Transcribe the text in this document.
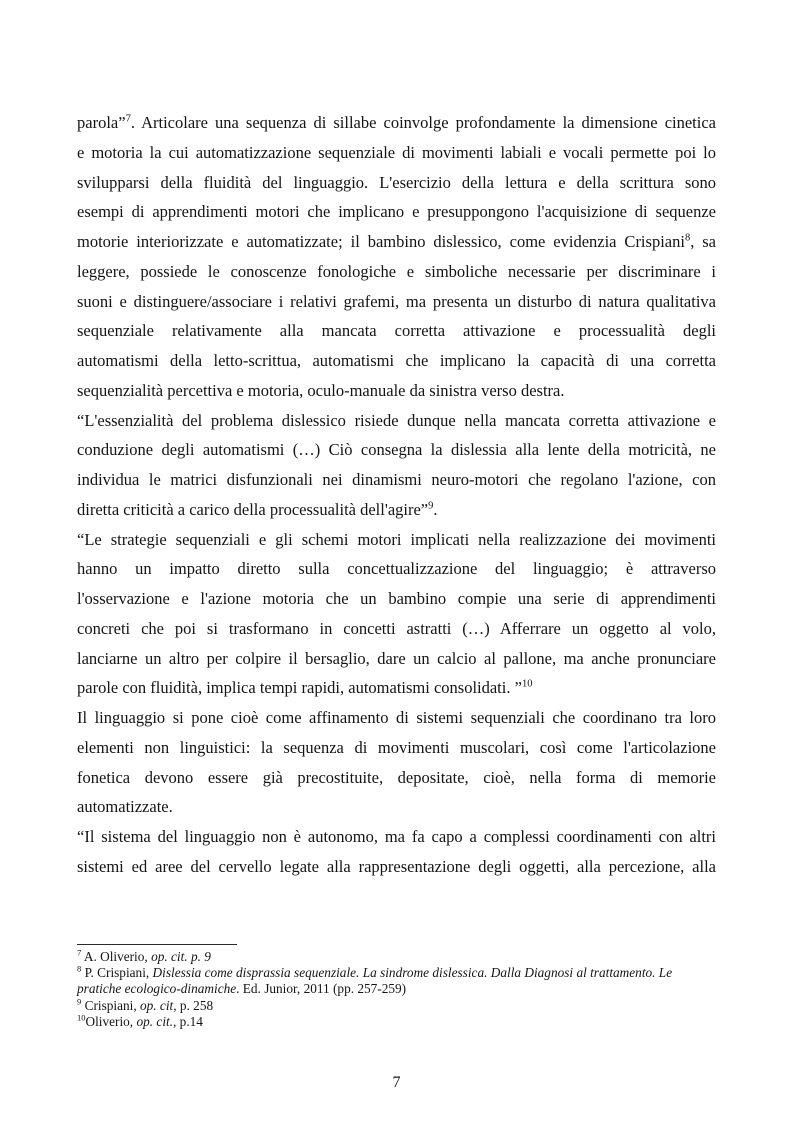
parola”$^7$. Articolare una sequenza di sillabe coinvolge profondamente la dimensione cinetica
e motoria la cui automatizzazione sequenziale di movimenti labiali e vocali permette poi lo
svilupparsi della fluidità del linguaggio. L'esercizio della lettura e della scrittura sono
esempi di apprendimenti motori che implicano e presuppongono l'acquisizione di sequenze
motorie interiorizzate e automatizzate; il bambino dislessico, come evidenzia Crispiani$^8$, sa
leggere, possiede le conoscenze fonologiche e simboliche necessarie per discriminare i
suoni e distinguere/associare i relativi grafemi, ma presenta un disturbo di natura qualitativa
sequenziale relativamente alla mancata corretta attivazione e processualità degli
automatismi della letto-scrittua, automatismi che implicano la capacità di una corretta
sequenzialità percettiva e motoria, oculo-manuale da sinistra verso destra.
“L'essenzialità del problema dislessico risiede dunque nella mancata corretta attivazione e
conduzione degli automatismi (…) Ciò consegna la dislessia alla lente della motricità, ne
individua le matrici disfunzionali nei dinamismi neuro-motori che regolano l'azione, con
diretta criticità a carico della processualità dell'agire”$^9$.
“Le strategie sequenziali e gli schemi motori implicati nella realizzazione dei movimenti
hanno un impatto diretto sulla concettualizzazione del linguaggio; è attraverso
l'osservazione e l'azione motoria che un bambino compie una serie di apprendimenti
concreti che poi si trasformano in concetti astratti (…) Afferrare un oggetto al volo,
lanciarne un altro per colpire il bersaglio, dare un calcio al pallone, ma anche pronunciare
parole con fluidità, implica tempi rapidi, automatismi consolidati. ”$^{10}$
Il linguaggio si pone cioè come affinamento di sistemi sequenziali che coordinano tra loro
elementi non linguistici: la sequenza di movimenti muscolari, così come l'articolazione
fonetica devono essere già precostituite, depositate, cioè, nella forma di memorie
automatizzate.
“Il sistema del linguaggio non è autonomo, ma fa capo a complessi coordinamenti con altri
sistemi ed aree del cervello legate alla rappresentazione degli oggetti, alla percezione, alla
$^7$ A. Oliverio, op. cit. p. 9
$^8$ P. Crispiani, Dislessia come disprassia sequenziale. La sindrome dislessica. Dalla Diagnosi al trattamento. Le
pratiche ecologico-dinamiche. Ed. Junior, 2011 (pp. 257-259)
$^9$ Crispiani, op. cit, p. 258
$^{10}$Oliverio, op. cit., p.14
7
